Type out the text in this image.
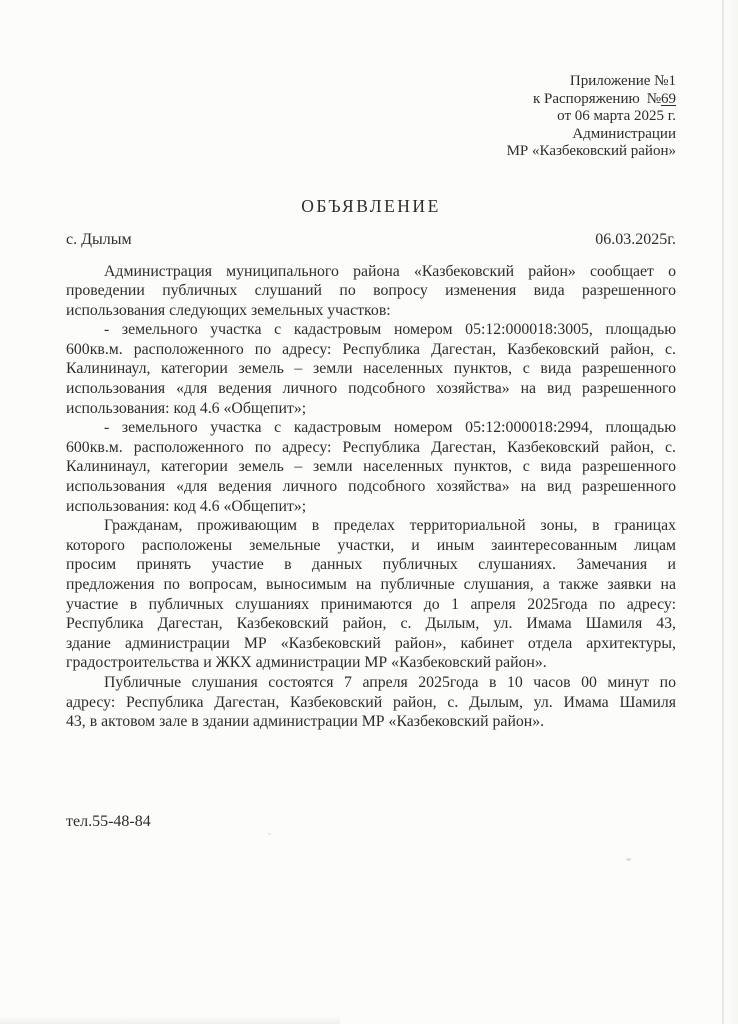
Приложение №1
к Распоряжению №69
от 06 марта 2025 г.
Администрации
МР «Казбековский район»
ОБЪЯВЛЕНИЕ
с. Дылым	06.03.2025г.

Администрация муниципального района «Казбековский район» сообщает о
проведении публичных слушаний по вопросу изменения вида разрешенного
использования следующих земельных участков:

- земельного участка с кадастровым номером 05:12:000018:3005, площадью
600кв.м. расположенного по адресу: Республика Дагестан, Казбековский район, с.
Калининаул, категории земель – земли населенных пунктов, с вида разрешенного
использования «для ведения личного подсобного хозяйства» на вид разрешенного
использования: код 4.6 «Общепит»;

- земельного участка с кадастровым номером 05:12:000018:2994, площадью
600кв.м. расположенного по адресу: Республика Дагестан, Казбековский район, с.
Калининаул, категории земель – земли населенных пунктов, с вида разрешенного
использования «для ведения личного подсобного хозяйства» на вид разрешенного
использования: код 4.6 «Общепит»;

Гражданам, проживающим в пределах территориальной зоны, в границах
которого расположены земельные участки, и иным заинтересованным лицам
просим принять участие в данных публичных слушаниях. Замечания и
предложения по вопросам, выносимым на публичные слушания, а также заявки на
участие в публичных слушаниях принимаются до 1 апреля 2025года по адресу:
Республика Дагестан, Казбековский район, с. Дылым, ул. Имама Шамиля 43,
здание администрации МР «Казбековский район», кабинет отдела архитектуры,
градостроительства и ЖКХ администрации МР «Казбековский район».

Публичные слушания состоятся 7 апреля 2025года в 10 часов 00 минут по
адресу: Республика Дагестан, Казбековский район, с. Дылым, ул. Имама Шамиля
43, в актовом зале в здании администрации МР «Казбековский район».

тел.55-48-84
